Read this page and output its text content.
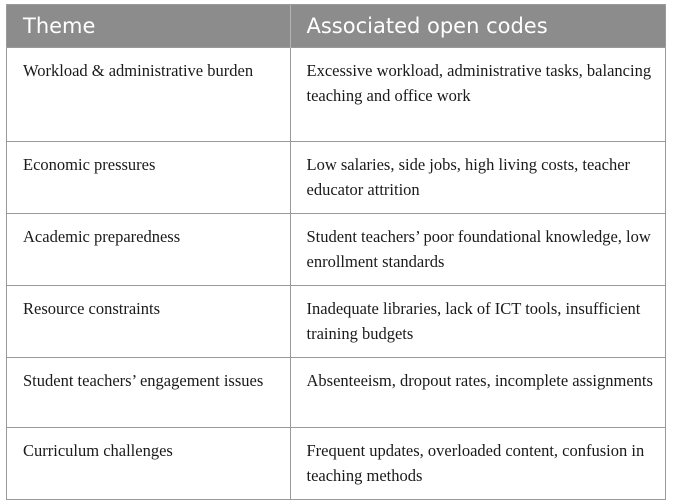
Theme	Associated open codes
Workload & administrative burden	Excessive workload, administrative tasks, balancing teaching and office work
Economic pressures	Low salaries, side jobs, high living costs, teacher educator attrition
Academic preparedness	Student teachers’ poor foundational knowledge, low enrollment standards
Resource constraints	Inadequate libraries, lack of ICT tools, insufficient training budgets
Student teachers’ engagement issues	Absenteeism, dropout rates, incomplete assignments
Curriculum challenges	Frequent updates, overloaded content, confusion in teaching methods
